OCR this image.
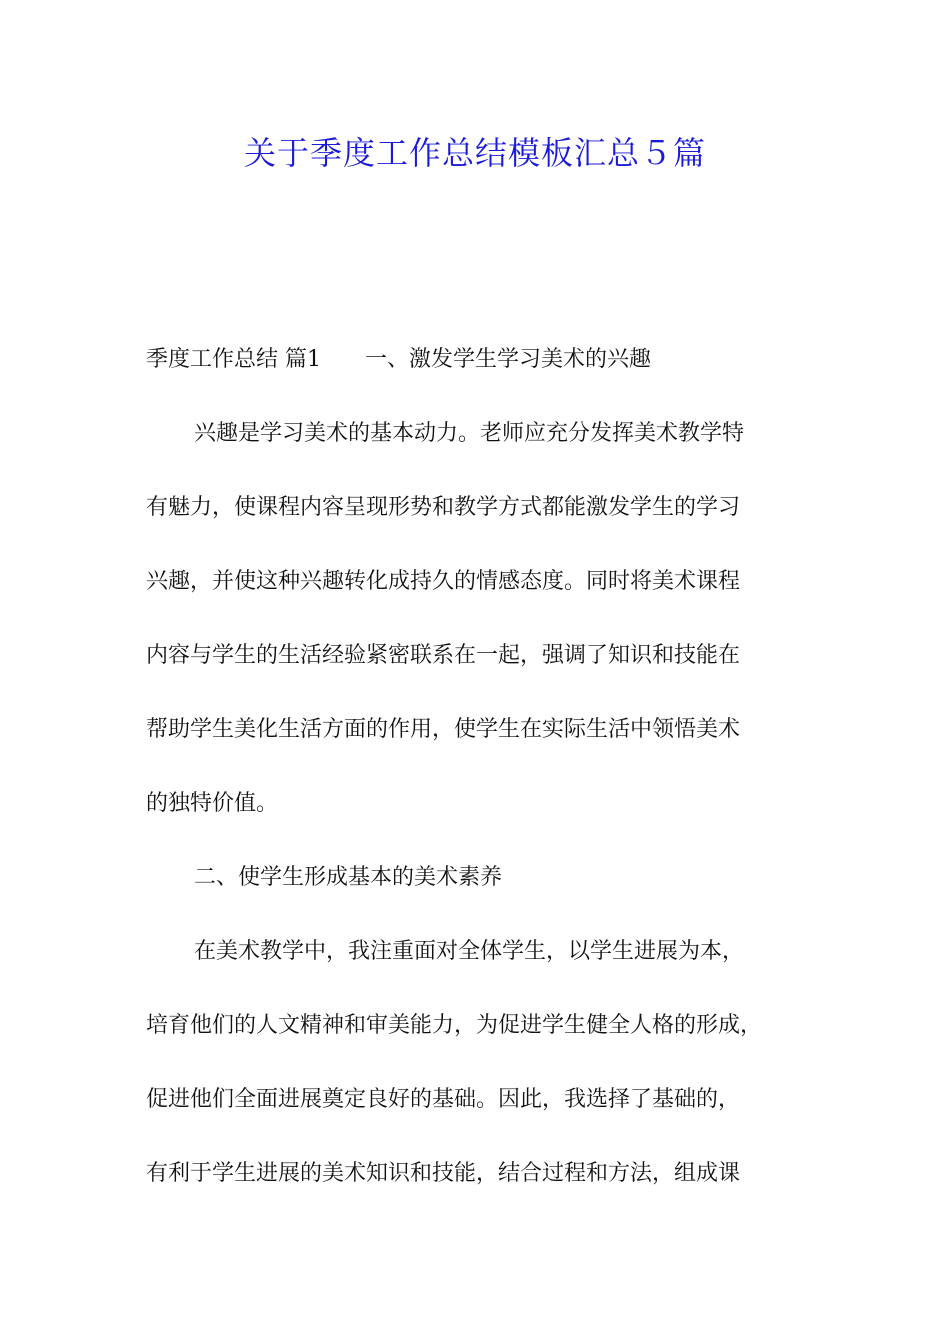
关于季度工作总结模板汇总５篇
季度工作总结 篇1 一、激发学生学习美术的兴趣
兴趣是学习美术的基本动力。老师应充分发挥美术教学特
有魅力，使课程内容呈现形势和教学方式都能激发学生的学习
兴趣，并使这种兴趣转化成持久的情感态度。同时将美术课程
内容与学生的生活经验紧密联系在一起，强调了知识和技能在
帮助学生美化生活方面的作用，使学生在实际生活中领悟美术
的独特价值。
二、使学生形成基本的美术素养
在美术教学中，我注重面对全体学生，以学生进展为本，
培育他们的人文精神和审美能力，为促进学生健全人格的形成，
促进他们全面进展奠定良好的基础。因此，我选择了基础的，
有利于学生进展的美术知识和技能，结合过程和方法，组成课
